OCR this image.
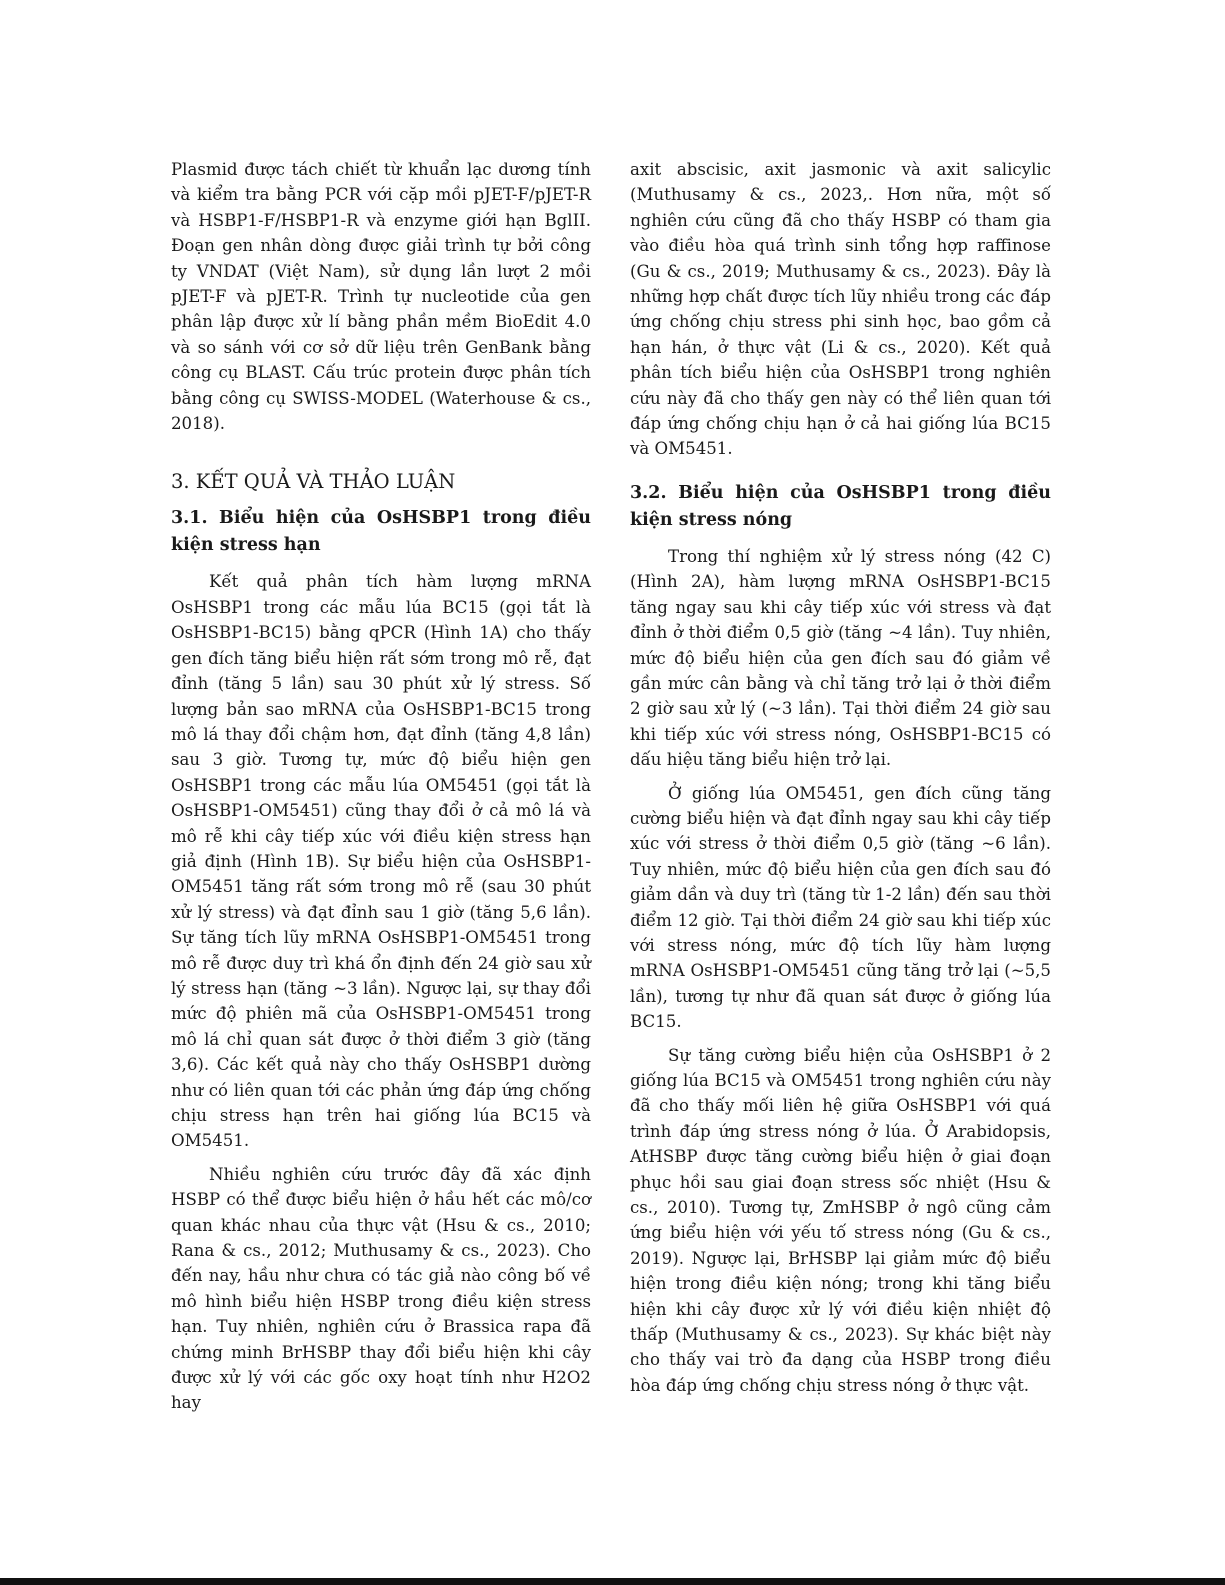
Plasmid được tách chiết từ khuẩn lạc dương tính và kiểm tra bằng PCR với cặp mồi pJET-F/pJET-R và HSBP1-F/HSBP1-R và enzyme giới hạn BglII. Đoạn gen nhân dòng được giải trình tự bởi công ty VNDAT (Việt Nam), sử dụng lần lượt 2 mồi pJET-F và pJET-R. Trình tự nucleotide của gen phân lập được xử lí bằng phần mềm BioEdit 4.0 và so sánh với cơ sở dữ liệu trên GenBank bằng công cụ BLAST. Cấu trúc protein được phân tích bằng công cụ SWISS-MODEL (Waterhouse & cs., 2018).

3. KẾT QUẢ VÀ THẢO LUẬN
3.1. Biểu hiện của OsHSBP1 trong điều kiện stress hạn

Kết quả phân tích hàm lượng mRNA OsHSBP1 trong các mẫu lúa BC15 (gọi tắt là OsHSBP1-BC15) bằng qPCR (Hình 1A) cho thấy gen đích tăng biểu hiện rất sớm trong mô rễ, đạt đỉnh (tăng 5 lần) sau 30 phút xử lý stress. Số lượng bản sao mRNA của OsHSBP1-BC15 trong mô lá thay đổi chậm hơn, đạt đỉnh (tăng 4,8 lần) sau 3 giờ. Tương tự, mức độ biểu hiện gen OsHSBP1 trong các mẫu lúa OM5451 (gọi tắt là OsHSBP1-OM5451) cũng thay đổi ở cả mô lá và mô rễ khi cây tiếp xúc với điều kiện stress hạn giả định (Hình 1B). Sự biểu hiện của OsHSBP1-OM5451 tăng rất sớm trong mô rễ (sau 30 phút xử lý stress) và đạt đỉnh sau 1 giờ (tăng 5,6 lần). Sự tăng tích lũy mRNA OsHSBP1-OM5451 trong mô rễ được duy trì khá ổn định đến 24 giờ sau xử lý stress hạn (tăng ~3 lần). Ngược lại, sự thay đổi mức độ phiên mã của OsHSBP1-OM5451 trong mô lá chỉ quan sát được ở thời điểm 3 giờ (tăng 3,6). Các kết quả này cho thấy OsHSBP1 dường như có liên quan tới các phản ứng đáp ứng chống chịu stress hạn trên hai giống lúa BC15 và OM5451.

Nhiều nghiên cứu trước đây đã xác định HSBP có thể được biểu hiện ở hầu hết các mô/cơ quan khác nhau của thực vật (Hsu & cs., 2010; Rana & cs., 2012; Muthusamy & cs., 2023). Cho đến nay, hầu như chưa có tác giả nào công bố về mô hình biểu hiện HSBP trong điều kiện stress hạn. Tuy nhiên, nghiên cứu ở Brassica rapa đã chứng minh BrHSBP thay đổi biểu hiện khi cây được xử lý với các gốc oxy hoạt tính như H2O2 hay

axit abscisic, axit jasmonic và axit salicylic (Muthusamy & cs., 2023,. Hơn nữa, một số nghiên cứu cũng đã cho thấy HSBP có tham gia vào điều hòa quá trình sinh tổng hợp raffinose (Gu & cs., 2019; Muthusamy & cs., 2023). Đây là những hợp chất được tích lũy nhiều trong các đáp ứng chống chịu stress phi sinh học, bao gồm cả hạn hán, ở thực vật (Li & cs., 2020). Kết quả phân tích biểu hiện của OsHSBP1 trong nghiên cứu này đã cho thấy gen này có thể liên quan tới đáp ứng chống chịu hạn ở cả hai giống lúa BC15 và OM5451.

3.2. Biểu hiện của OsHSBP1 trong điều kiện stress nóng

Trong thí nghiệm xử lý stress nóng (42 C) (Hình 2A), hàm lượng mRNA OsHSBP1-BC15 tăng ngay sau khi cây tiếp xúc với stress và đạt đỉnh ở thời điểm 0,5 giờ (tăng ~4 lần). Tuy nhiên, mức độ biểu hiện của gen đích sau đó giảm về gần mức cân bằng và chỉ tăng trở lại ở thời điểm 2 giờ sau xử lý (~3 lần). Tại thời điểm 24 giờ sau khi tiếp xúc với stress nóng, OsHSBP1-BC15 có dấu hiệu tăng biểu hiện trở lại.

Ở giống lúa OM5451, gen đích cũng tăng cường biểu hiện và đạt đỉnh ngay sau khi cây tiếp xúc với stress ở thời điểm 0,5 giờ (tăng ~6 lần). Tuy nhiên, mức độ biểu hiện của gen đích sau đó giảm dần và duy trì (tăng từ 1-2 lần) đến sau thời điểm 12 giờ. Tại thời điểm 24 giờ sau khi tiếp xúc với stress nóng, mức độ tích lũy hàm lượng mRNA OsHSBP1-OM5451 cũng tăng trở lại (~5,5 lần), tương tự như đã quan sát được ở giống lúa BC15.

Sự tăng cường biểu hiện của OsHSBP1 ở 2 giống lúa BC15 và OM5451 trong nghiên cứu này đã cho thấy mối liên hệ giữa OsHSBP1 với quá trình đáp ứng stress nóng ở lúa. Ở Arabidopsis, AtHSBP được tăng cường biểu hiện ở giai đoạn phục hồi sau giai đoạn stress sốc nhiệt (Hsu & cs., 2010). Tương tự, ZmHSBP ở ngô cũng cảm ứng biểu hiện với yếu tố stress nóng (Gu & cs., 2019). Ngược lại, BrHSBP lại giảm mức độ biểu hiện trong điều kiện nóng; trong khi tăng biểu hiện khi cây được xử lý với điều kiện nhiệt độ thấp (Muthusamy & cs., 2023). Sự khác biệt này cho thấy vai trò đa dạng của HSBP trong điều hòa đáp ứng chống chịu stress nóng ở thực vật.
